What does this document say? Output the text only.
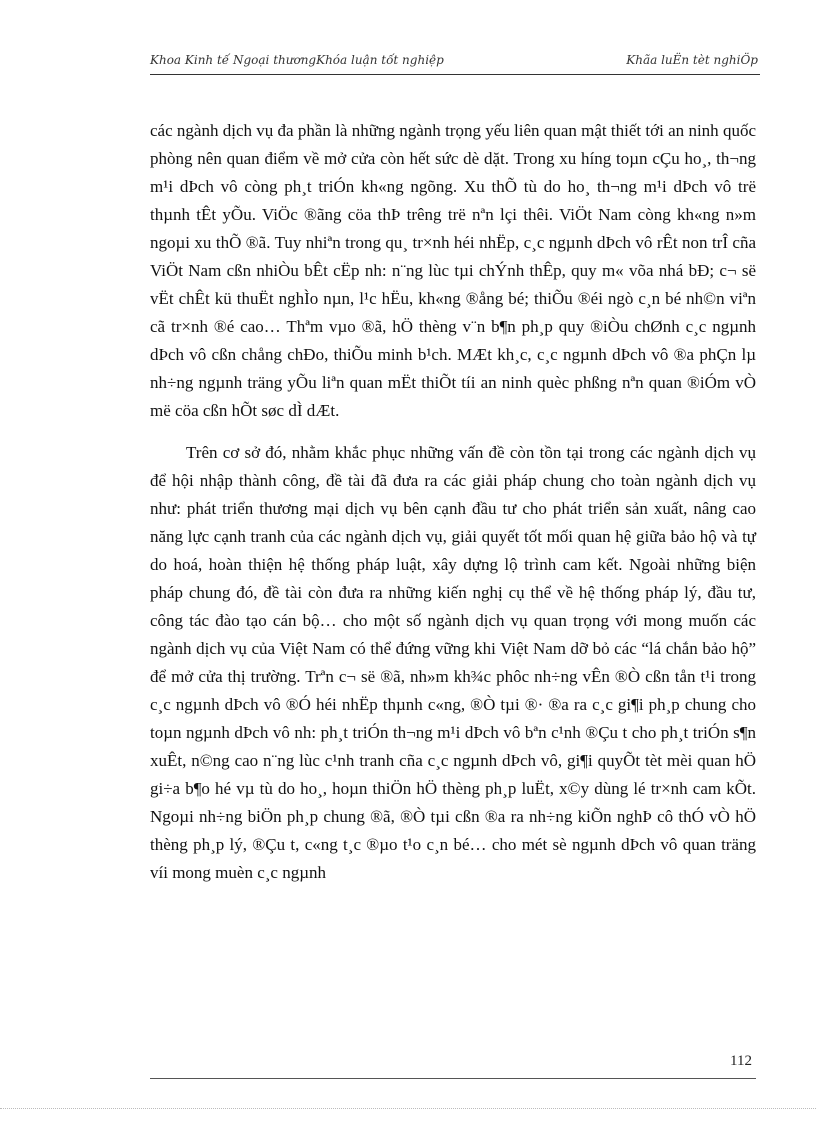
Khoa Kinh tế Ngoại thươngKhóa luận tốt nghiệp	Khãa luËn tèt nghiÖp

các ngành dịch vụ đa phần là những ngành trọng yếu liên quan mật thiết tới an ninh quốc phòng nên quan điểm về mở cửa còn hết sức dè dặt. Trong xu híng toµn cÇu ho¸, th¬ng m¹i dÞch vô còng ph¸t triÓn kh«ng ngõng. Xu thÕ tù do ho¸ th¬ng m¹i dÞch vô trë thµnh tÊt yÕu. ViÖc ®ãng cöa thÞ trêng trë nªn lçi thêi. ViÖt Nam còng kh«ng n»m ngoµi xu thÕ ®ã. Tuy nhiªn trong qu¸ tr×nh héi nhËp, c¸c ngµnh dÞch vô rÊt non trÎ cña ViÖt Nam cßn nhiÒu bÊt cËp nh: n¨ng lùc tµi chÝnh thÊp, quy m« võa nhá bÐ; c¬ së vËt chÊt kü thuËt nghÌo nµn, l¹c hËu, kh«ng ®ång bé; thiÕu ®éi ngò c¸n bé nh©n viªn cã tr×nh ®é cao… Thªm vµo ®ã, hÖ thèng v¨n b¶n ph¸p quy ®iÒu chØnh c¸c ngµnh dÞch vô cßn chång chÐo, thiÕu minh b¹ch. MÆt kh¸c, c¸c ngµnh dÞch vô ®a phÇn lµ nh÷ng ngµnh träng yÕu liªn quan mËt thiÕt tíi an ninh quèc phßng nªn quan ®iÓm vÒ më cöa cßn hÕt søc dÌ dÆt.

Trên cơ sở đó, nhằm khắc phục những vấn đề còn tồn tại trong các ngành dịch vụ để hội nhập thành công, đề tài đã đưa ra các giải pháp chung cho toàn ngành dịch vụ như: phát triển thương mại dịch vụ bên cạnh đầu tư cho phát triển sản xuất, nâng cao năng lực cạnh tranh của các ngành dịch vụ, giải quyết tốt mối quan hệ giữa bảo hộ và tự do hoá, hoàn thiện hệ thống pháp luật, xây dựng lộ trình cam kết. Ngoài những biện pháp chung đó, đề tài còn đưa ra những kiến nghị cụ thể về hệ thống pháp lý, đầu tư, công tác đào tạo cán bộ… cho một số ngành dịch vụ quan trọng với mong muốn các ngành dịch vụ của Việt Nam có thể đứng vững khi Việt Nam dỡ bỏ các “lá chắn bảo hộ” để mở cửa thị trường. Trªn c¬ së ®ã, nh»m kh¾c phôc nh÷ng vÊn ®Ò cßn tån t¹i trong c¸c ngµnh dÞch vô ®Ó héi nhËp thµnh c«ng, ®Ò tµi ®· ®a ra c¸c gi¶i ph¸p chung cho toµn ngµnh dÞch vô nh: ph¸t triÓn th¬ng m¹i dÞch vô bªn c¹nh ®Çu t cho ph¸t triÓn s¶n xuÊt, n©ng cao n¨ng lùc c¹nh tranh cña c¸c ngµnh dÞch vô, gi¶i quyÕt tèt mèi quan hÖ gi÷a b¶o hé vµ tù do ho¸, hoµn thiÖn hÖ thèng ph¸p luËt, x©y dùng lé tr×nh cam kÕt. Ngoµi nh÷ng biÖn ph¸p chung ®ã, ®Ò tµi cßn ®a ra nh÷ng kiÕn nghÞ cô thÓ vÒ hÖ thèng ph¸p lý, ®Çu t, c«ng t¸c ®µo t¹o c¸n bé… cho mét sè ngµnh dÞch vô quan träng víi mong muèn c¸c ngµnh

112
